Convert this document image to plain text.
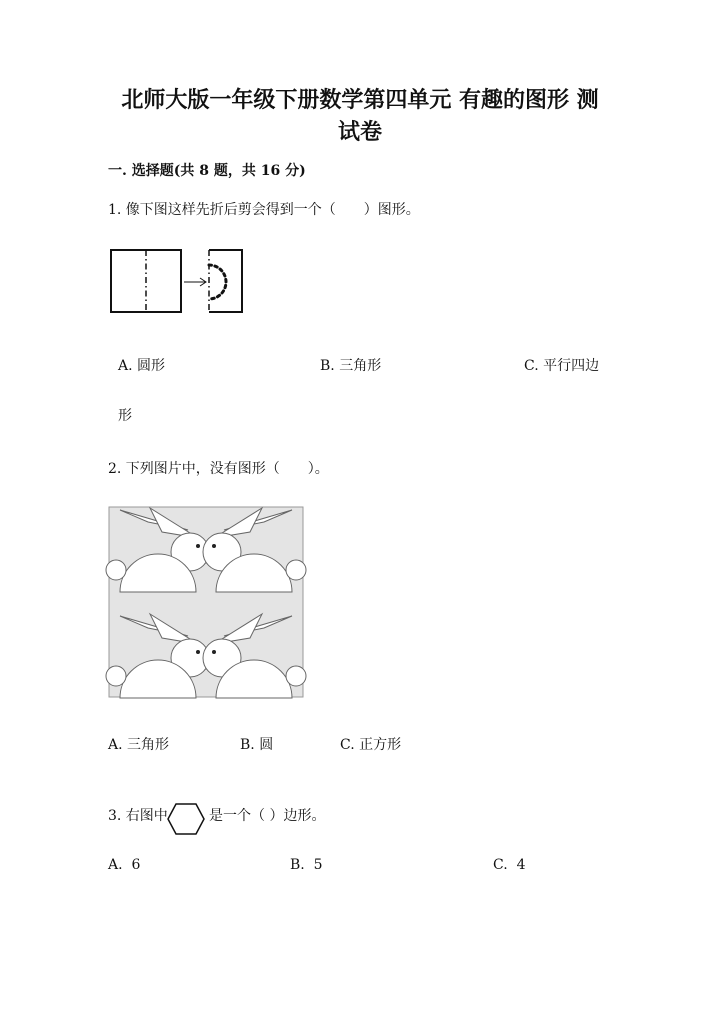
北师大版一年级下册数学第四单元 有趣的图形 测
试卷
一. 选择题(共 8 题，共 16 分)
1. 像下图这样先折后剪会得到一个（　　）图形。
A. 圆形	B. 三角形	C. 平行四边
形
2. 下列图片中，没有图形（　　）。
A. 三角形	B. 圆	C. 正方形
3. 右图中	是一个（ ）边形。
A.  6	B.  5	C.  4
